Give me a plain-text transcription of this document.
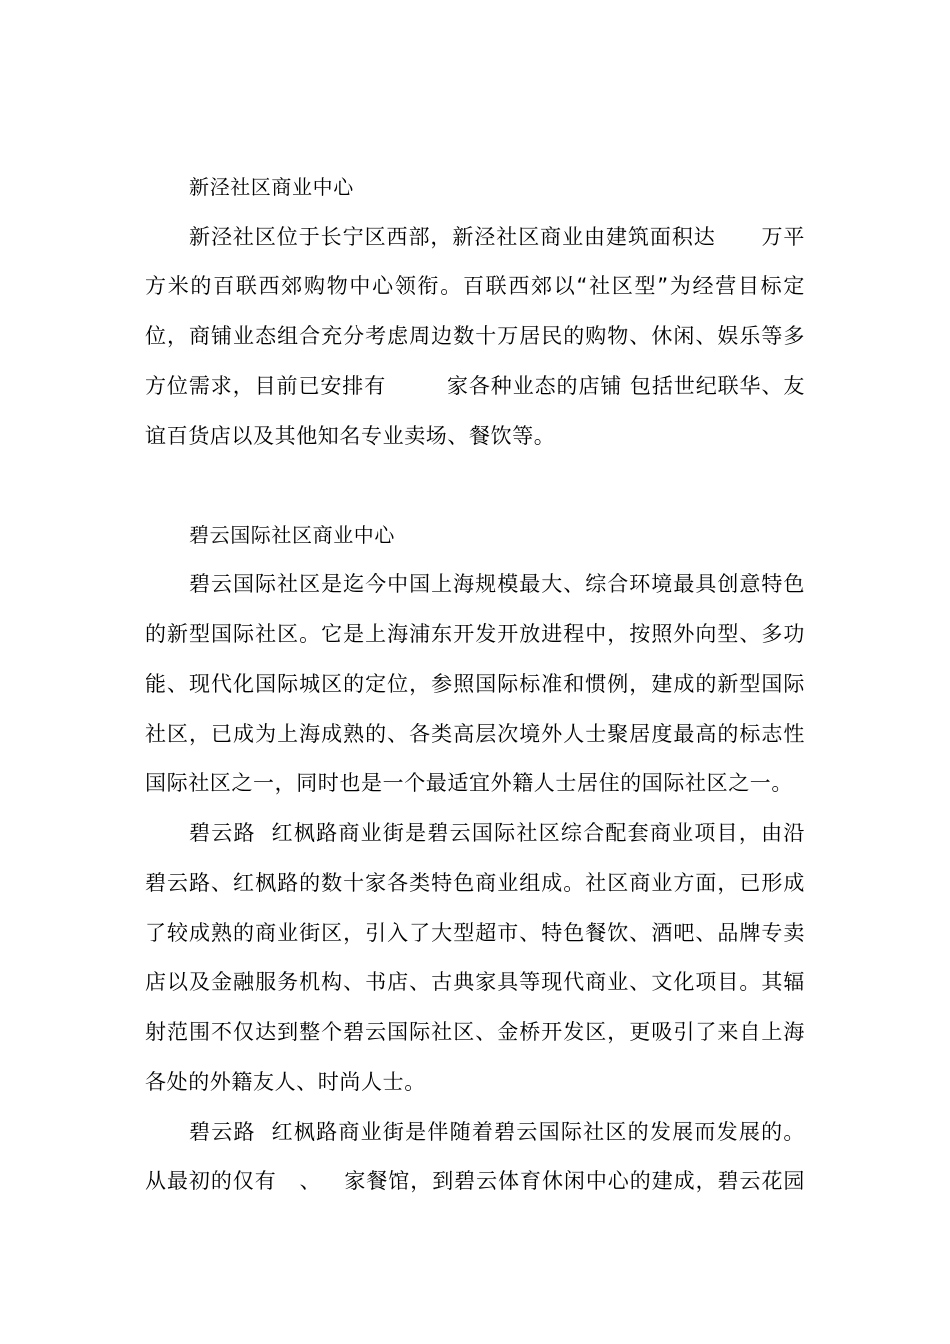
新泾社区商业中心
新泾社区位于长宁区西部，新泾社区商业由建筑面积达      万平
方米的百联西郊购物中心领衔。百联西郊以“社区型”为经营目标定
位，商铺业态组合充分考虑周边数十万居民的购物、休闲、娱乐等多
方位需求，目前已安排有        家各种业态的店铺 包括世纪联华、友
谊百货店以及其他知名专业卖场、餐饮等。
碧云国际社区商业中心
碧云国际社区是迄今中国上海规模最大、综合环境最具创意特色
的新型国际社区。它是上海浦东开发开放进程中，按照外向型、多功
能、现代化国际城区的定位，参照国际标准和惯例，建成的新型国际
社区，已成为上海成熟的、各类高层次境外人士聚居度最高的标志性
国际社区之一，同时也是一个最适宜外籍人士居住的国际社区之一。
碧云路  红枫路商业街是碧云国际社区综合配套商业项目，由沿
碧云路、红枫路的数十家各类特色商业组成。社区商业方面，已形成
了较成熟的商业街区，引入了大型超市、特色餐饮、酒吧、品牌专卖
店以及金融服务机构、书店、古典家具等现代商业、文化项目。其辐
射范围不仅达到整个碧云国际社区、金桥开发区，更吸引了来自上海
各处的外籍友人、时尚人士。
碧云路  红枫路商业街是伴随着碧云国际社区的发展而发展的。
从最初的仅有   、   家餐馆，到碧云体育休闲中心的建成，碧云花园
